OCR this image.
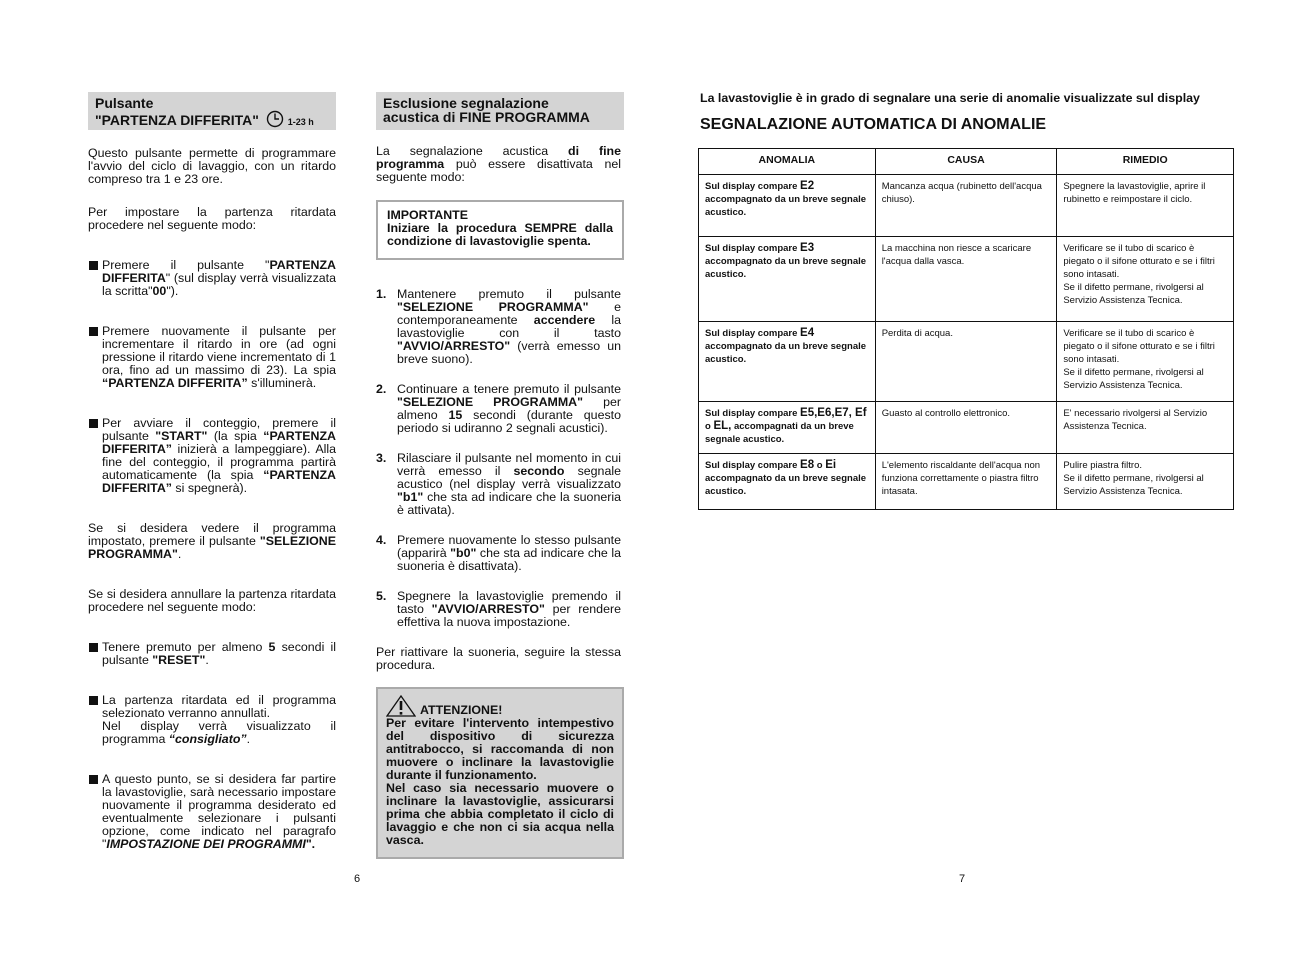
Pulsante
"PARTENZA DIFFERITA"	1-23 h

Questo pulsante permette di programmare l'avvio del ciclo di lavaggio, con un ritardo compreso tra 1 e 23 ore.

Per impostare la partenza ritardata procedere nel seguente modo:

Premere il pulsante "PARTENZA DIFFERITA" (sul display verrà visualizzata la scritta"00").
Premere nuovamente il pulsante per incrementare il ritardo in ore (ad ogni pressione il ritardo viene incrementato di 1 ora, fino ad un massimo di 23). La spia “PARTENZA DIFFERITA” s'illuminerà.
Per avviare il conteggio, premere il pulsante "START" (la spia “PARTENZA DIFFERITA” inizierà a lampeggiare). Alla fine del conteggio, il programma partirà automaticamente (la spia “PARTENZA DIFFERITA” si spegnerà).

Se si desidera vedere il programma impostato, premere il pulsante "SELEZIONE PROGRAMMA".

Se si desidera annullare la partenza ritardata procedere nel seguente modo:

Tenere premuto per almeno 5 secondi il pulsante "RESET".
La partenza ritardata ed il programma selezionato verranno annullati.
Nel display verrà visualizzato il programma “consigliato”.
A questo punto, se si desidera far partire la lavastoviglie, sarà necessario impostare nuovamente il programma desiderato ed eventualmente selezionare i pulsanti opzione, come indicato nel paragrafo "IMPOSTAZIONE DEI PROGRAMMI".
6
Esclusione segnalazione
acustica di FINE PROGRAMMA

La segnalazione acustica di fine programma può essere disattivata nel seguente modo:

IMPORTANTE
Iniziare la procedura SEMPRE dalla condizione di lavastoviglie spenta.
1. Mantenere premuto il pulsante "SELEZIONE PROGRAMMA" e contemporaneamente accendere la lavastoviglie con il tasto "AVVIO/ARRESTO" (verrà emesso un breve suono).
2. Continuare a tenere premuto il pulsante "SELEZIONE PROGRAMMA" per almeno 15 secondi (durante questo periodo si udiranno 2 segnali acustici).
3. Rilasciare il pulsante nel momento in cui verrà emesso il secondo segnale acustico (nel display verrà visualizzato "b1" che sta ad indicare che la suoneria è attivata).
4. Premere nuovamente lo stesso pulsante (apparirà "b0" che sta ad indicare che la suoneria è disattivata).
5. Spegnere la lavastoviglie premendo il tasto "AVVIO/ARRESTO" per rendere effettiva la nuova impostazione.

Per riattivare la suoneria, seguire la stessa procedura.

ATTENZIONE!
Per evitare l'intervento intempestivo del dispositivo di sicurezza antitrabocco, si raccomanda di non muovere o inclinare la lavastoviglie durante il funzionamento.
Nel caso sia necessario muovere o inclinare la lavastoviglie, assicurarsi prima che abbia completato il ciclo di lavaggio e che non ci sia acqua nella vasca.
La lavastoviglie è in grado di segnalare una serie di anomalie visualizzate sul display
SEGNALAZIONE AUTOMATICA DI ANOMALIE
ANOMALIA	CAUSA	RIMEDIO
Sul display compare E2 accompagnato da un breve segnale acustico.	Mancanza acqua (rubinetto dell'acqua chiuso).	Spegnere la lavastoviglie, aprire il rubinetto e reimpostare il ciclo.
Sul display compare E3 accompagnato da un breve segnale acustico.	La macchina non riesce a scaricare l'acqua dalla vasca.	Verificare se il tubo di scarico è piegato o il sifone otturato e se i filtri sono intasati.
Se il difetto permane, rivolgersi al Servizio Assistenza Tecnica.
Sul display compare E4 accompagnato da un breve segnale acustico.	Perdita di acqua.	Verificare se il tubo di scarico è piegato o il sifone otturato e se i filtri sono intasati.
Se il difetto permane, rivolgersi al Servizio Assistenza Tecnica.
Sul display compare E5,E6,E7, Ef o EL, accompagnati da un breve segnale acustico.	Guasto al controllo elettronico.	E' necessario rivolgersi al Servizio Assistenza Tecnica.
Sul display compare E8 o Ei accompagnato da un breve segnale acustico.	L'elemento riscaldante dell'acqua non funziona correttamente o piastra filtro intasata.	Pulire piastra filtro.
Se il difetto permane, rivolgersi al Servizio Assistenza Tecnica.
7
